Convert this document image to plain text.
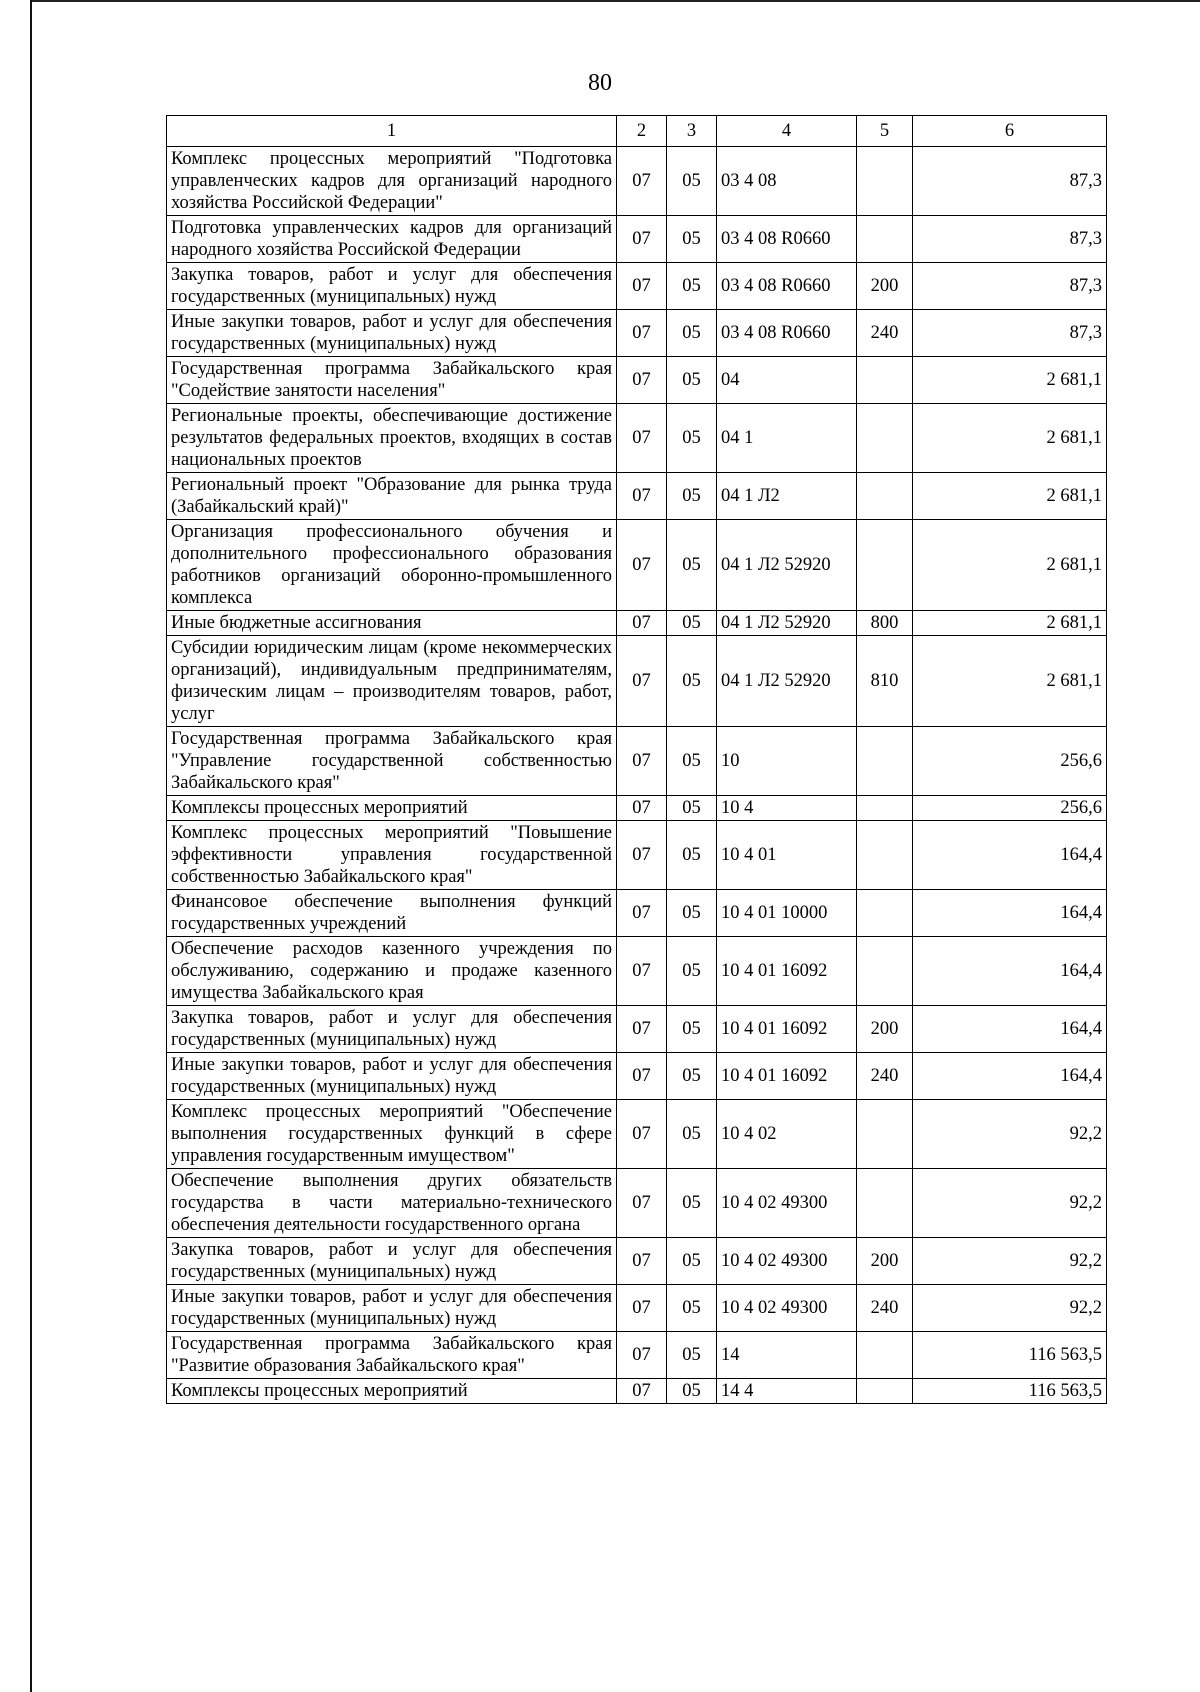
80
1	2	3	4	5	6
Комплекс процессных мероприятий "Подготовка управленческих кадров для организаций народного хозяйства Российской Федерации"	07	05	03 4 08		87,3
Подготовка управленческих кадров для организаций народного хозяйства Российской Федерации	07	05	03 4 08 R0660		87,3
Закупка товаров, работ и услуг для обеспечения государственных (муниципальных) нужд	07	05	03 4 08 R0660	200	87,3
Иные закупки товаров, работ и услуг для обеспечения государственных (муниципальных) нужд	07	05	03 4 08 R0660	240	87,3
Государственная программа Забайкальского края "Содействие занятости населения"	07	05	04		2 681,1
Региональные проекты, обеспечивающие достижение результатов федеральных проектов, входящих в состав национальных проектов	07	05	04 1		2 681,1
Региональный проект "Образование для рынка труда (Забайкальский край)"	07	05	04 1 Л2		2 681,1
Организация профессионального обучения и дополнительного профессионального образования работников организаций оборонно-промышленного комплекса	07	05	04 1 Л2 52920		2 681,1
Иные бюджетные ассигнования	07	05	04 1 Л2 52920	800	2 681,1
Субсидии юридическим лицам (кроме некоммерческих организаций), индивидуальным предпринимателям, физическим лицам – производителям товаров, работ, услуг	07	05	04 1 Л2 52920	810	2 681,1
Государственная программа Забайкальского края "Управление государственной собственностью Забайкальского края"	07	05	10		256,6
Комплексы процессных мероприятий	07	05	10 4		256,6
Комплекс процессных мероприятий "Повышение эффективности управления государственной собственностью Забайкальского края"	07	05	10 4 01		164,4
Финансовое обеспечение выполнения функций государственных учреждений	07	05	10 4 01 10000		164,4
Обеспечение расходов казенного учреждения по обслуживанию, содержанию и продаже казенного имущества Забайкальского края	07	05	10 4 01 16092		164,4
Закупка товаров, работ и услуг для обеспечения государственных (муниципальных) нужд	07	05	10 4 01 16092	200	164,4
Иные закупки товаров, работ и услуг для обеспечения государственных (муниципальных) нужд	07	05	10 4 01 16092	240	164,4
Комплекс процессных мероприятий "Обеспечение выполнения государственных функций в сфере управления государственным имуществом"	07	05	10 4 02		92,2
Обеспечение выполнения других обязательств государства в части материально-технического обеспечения деятельности государственного органа	07	05	10 4 02 49300		92,2
Закупка товаров, работ и услуг для обеспечения государственных (муниципальных) нужд	07	05	10 4 02 49300	200	92,2
Иные закупки товаров, работ и услуг для обеспечения государственных (муниципальных) нужд	07	05	10 4 02 49300	240	92,2
Государственная программа Забайкальского края "Развитие образования Забайкальского края"	07	05	14		116 563,5
Комплексы процессных мероприятий	07	05	14 4		116 563,5
